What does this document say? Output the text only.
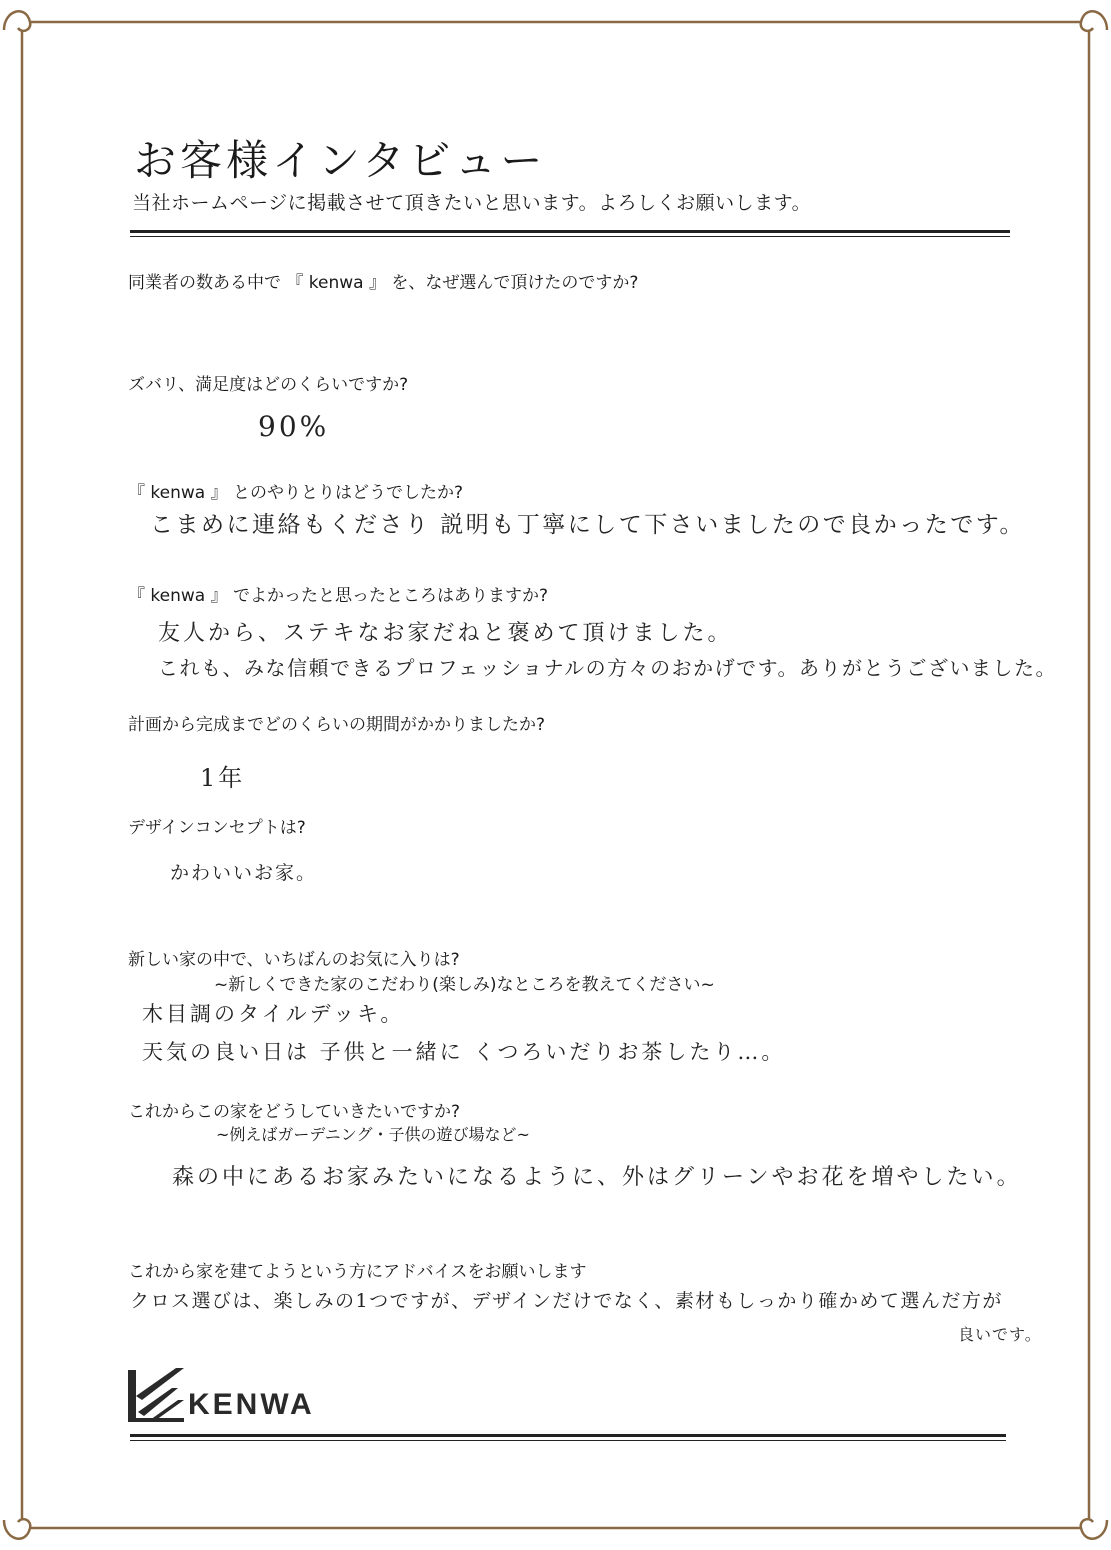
お客様インタビュー
当社ホームページに掲載させて頂きたいと思います。よろしくお願いします。
同業者の数ある中で 『 kenwa 』 を、なぜ選んで頂けたのですか?
ズバリ、満足度はどのくらいですか?
90%
『 kenwa 』 とのやりとりはどうでしたか?
こまめに連絡もくださり 説明も丁寧にして下さいましたので良かったです。
『 kenwa 』 でよかったと思ったところはありますか?
友人から、ステキなお家だねと褒めて頂けました。
これも、みな信頼できるプロフェッショナルの方々のおかげです。ありがとうございました。
計画から完成までどのくらいの期間がかかりましたか?
1年
デザインコンセプトは?
かわいいお家。
新しい家の中で、いちばんのお気に入りは?
~新しくできた家のこだわり(楽しみ)なところを教えてください~
木目調のタイルデッキ。
天気の良い日は 子供と一緒に くつろいだりお茶したり…。
これからこの家をどうしていきたいですか?
~例えばガーデニング・子供の遊び場など~
森の中にあるお家みたいになるように、外はグリーンやお花を増やしたい。
これから家を建てようという方にアドバイスをお願いします
クロス選びは、楽しみの1つですが、デザインだけでなく、素材もしっかり確かめて選んだ方が
良いです。
KENWA
